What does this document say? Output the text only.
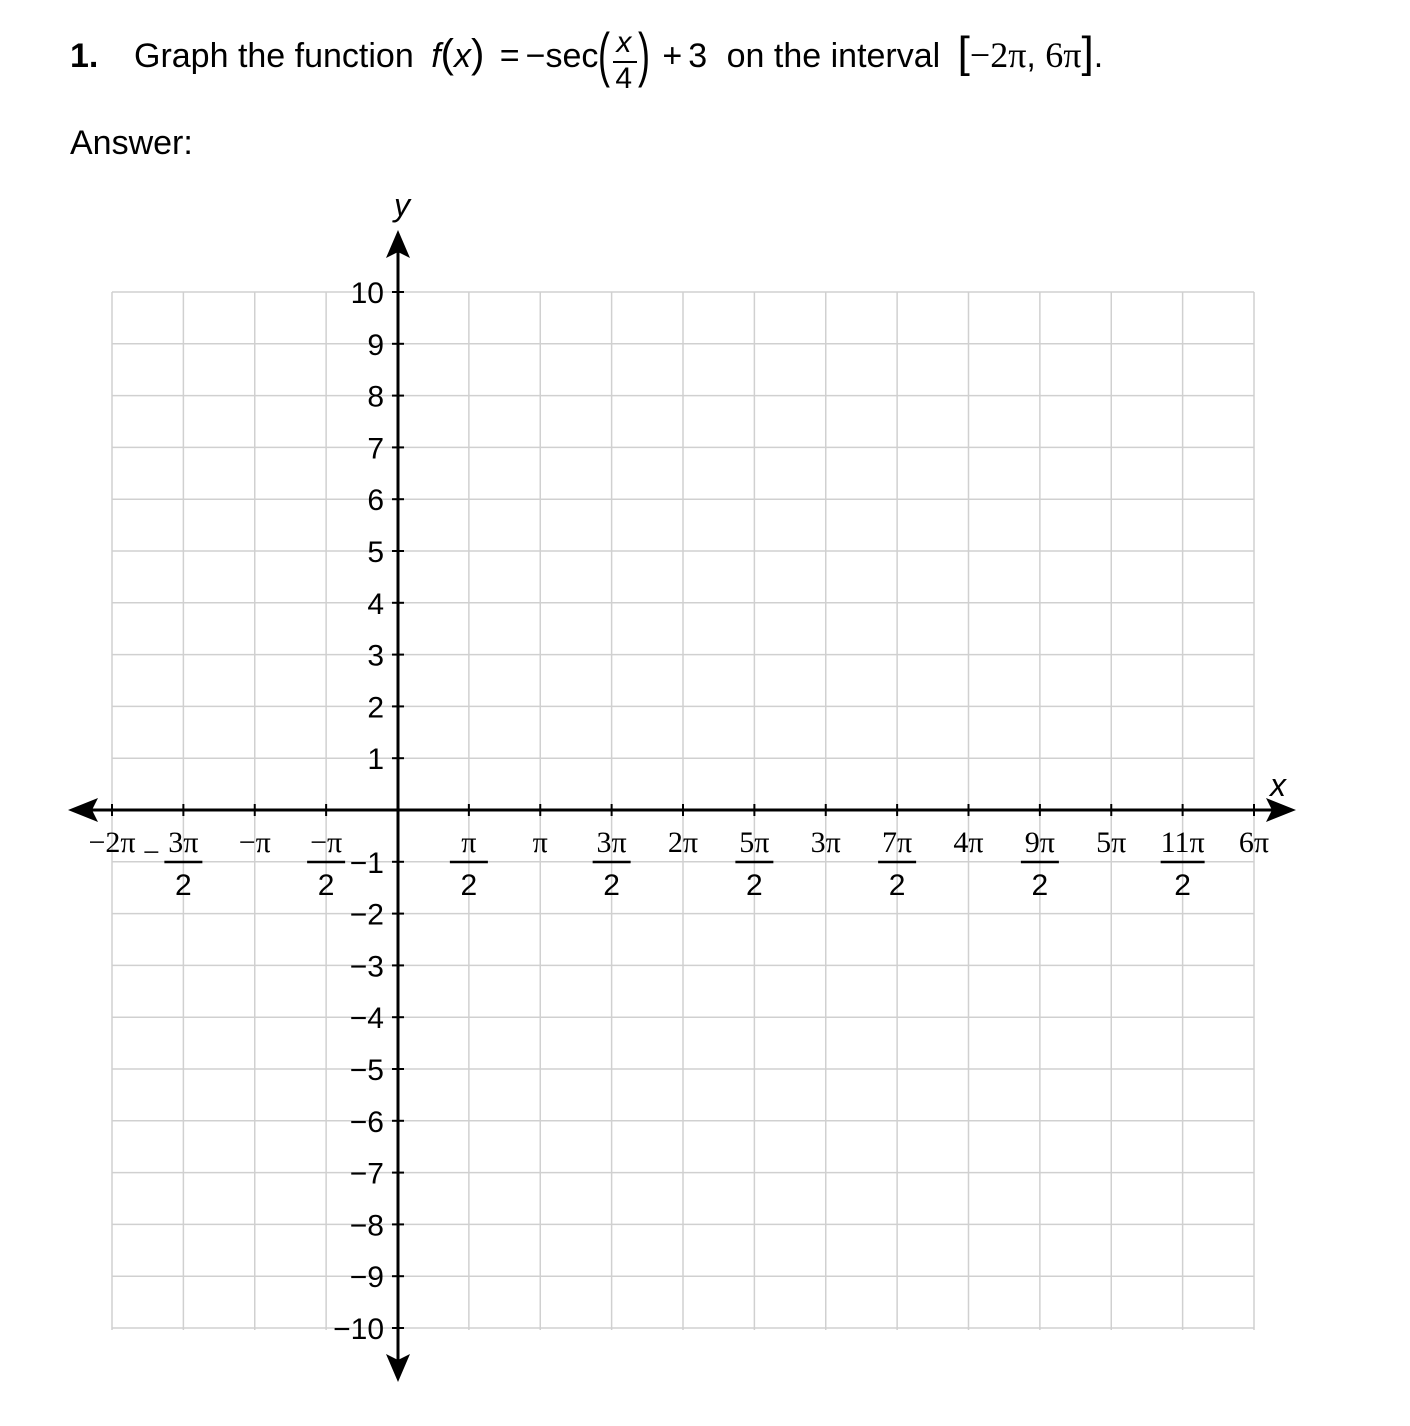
1. Graph the function f(x) = −sec ( x
4 ) + 3 on the interval [−2π, 6π].
Answer:
x
y
−2π − 3π
2
−π −π
2
π
2
π 3π
2
2π 5π
2
3π 7π
2
4π 9π
2
5π 11π
2
6π
10
9
8
7
6
5
4
3
2
1
−1
−2
−3
−4
−5
−6
−7
−8
−9
−10
